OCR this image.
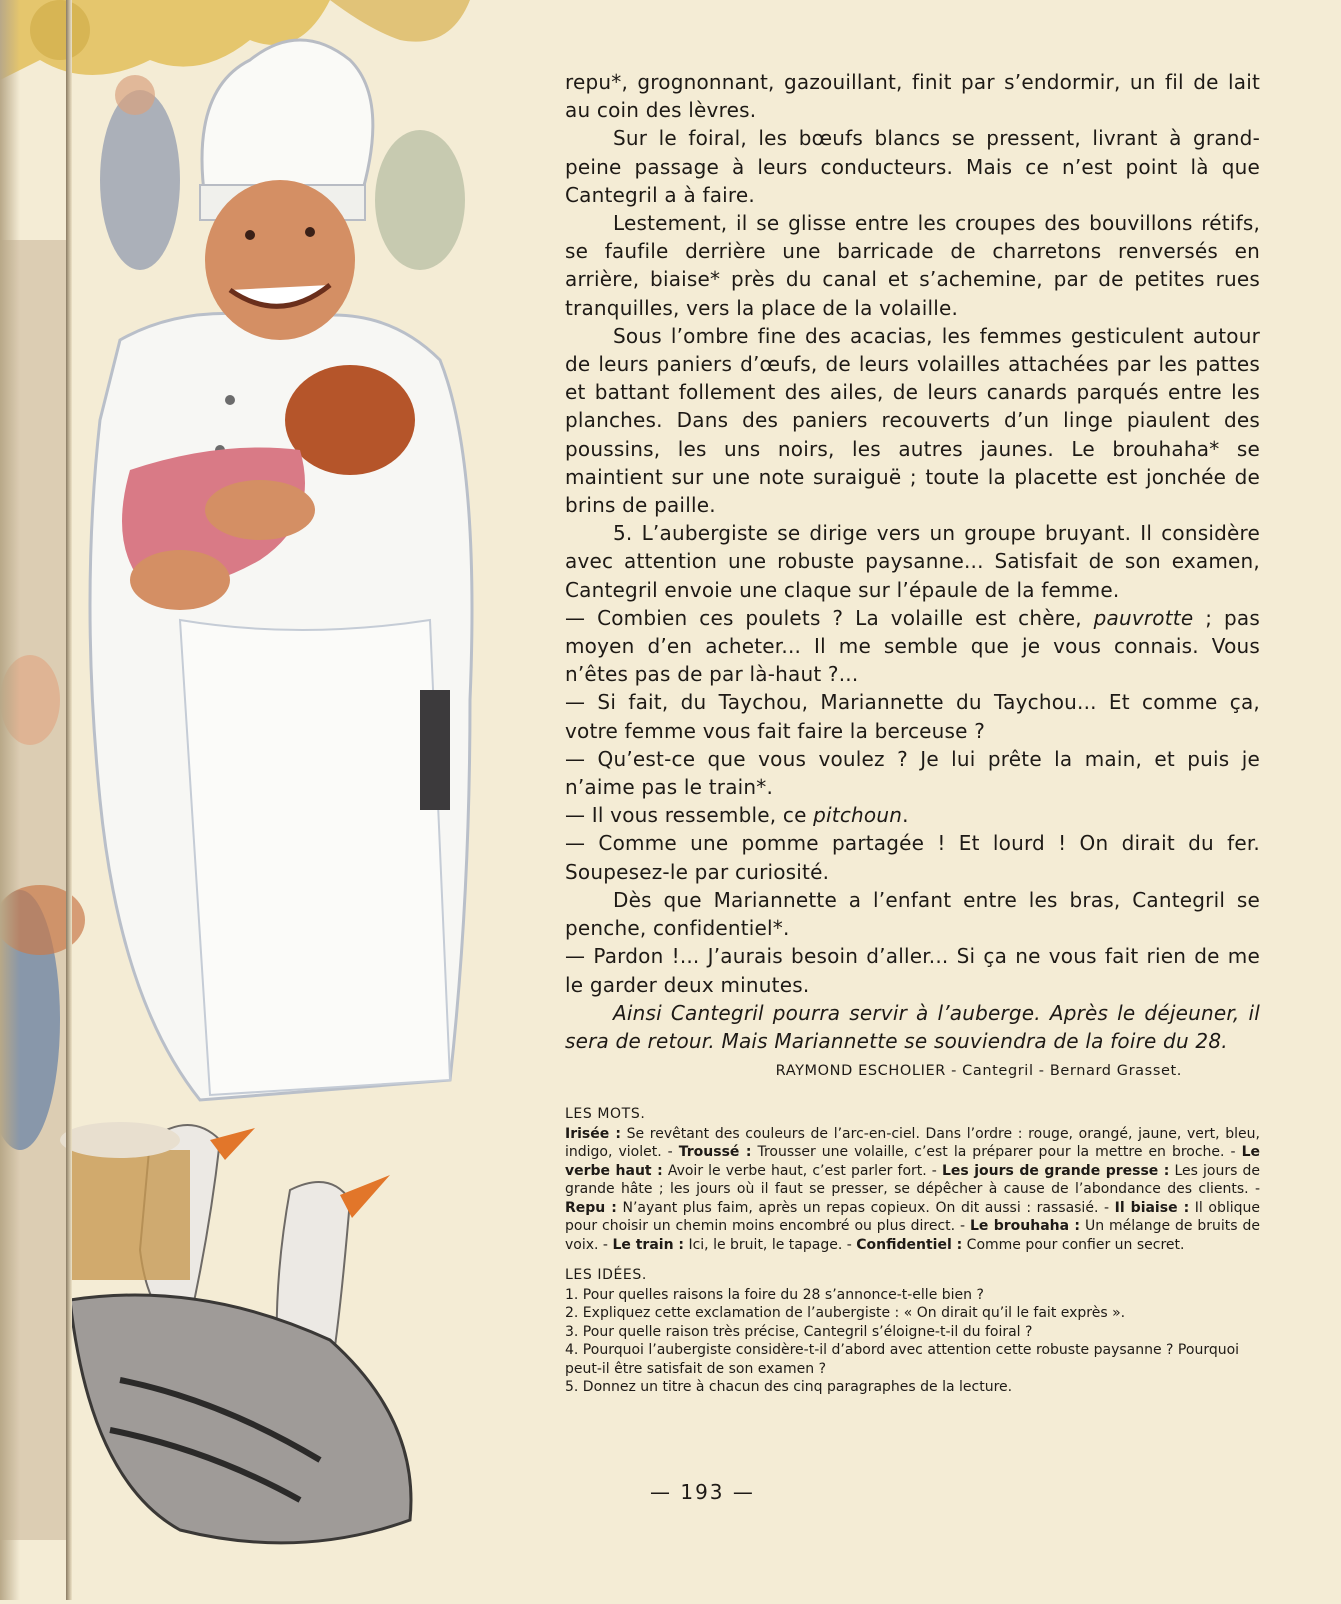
repu*, grognonnant, gazouillant, finit par s’endormir, un fil de lait au coin des lèvres.

Sur le foiral, les bœufs blancs se pressent, livrant à grand-peine passage à leurs conducteurs. Mais ce n’est point là que Cantegril a à faire.

Lestement, il se glisse entre les croupes des bouvillons rétifs, se faufile derrière une barricade de charretons renversés en arrière, biaise* près du canal et s’achemine, par de petites rues tranquilles, vers la place de la volaille.

Sous l’ombre fine des acacias, les femmes gesticulent autour de leurs paniers d’œufs, de leurs volailles attachées par les pattes et battant follement des ailes, de leurs canards parqués entre les planches. Dans des paniers recouverts d’un linge piaulent des poussins, les uns noirs, les autres jaunes. Le brouhaha* se maintient sur une note suraiguë ; toute la placette est jonchée de brins de paille.

5. L’aubergiste se dirige vers un groupe bruyant. Il considère avec attention une robuste paysanne... Satisfait de son examen, Cantegril envoie une claque sur l’épaule de la femme.

— Combien ces poulets ? La volaille est chère, pauvrotte ; pas moyen d’en acheter... Il me semble que je vous connais. Vous n’êtes pas de par là-haut ?...

— Si fait, du Taychou, Mariannette du Taychou... Et comme ça, votre femme vous fait faire la berceuse ?

— Qu’est-ce que vous voulez ? Je lui prête la main, et puis je n’aime pas le train*.

— Il vous ressemble, ce pitchoun.

— Comme une pomme partagée ! Et lourd ! On dirait du fer. Soupesez-le par curiosité.

Dès que Mariannette a l’enfant entre les bras, Cantegril se penche, confidentiel*.

— Pardon !... J’aurais besoin d’aller... Si ça ne vous fait rien de me le garder deux minutes.

Ainsi Cantegril pourra servir à l’auberge. Après le déjeuner, il sera de retour. Mais Mariannette se souviendra de la foire du 28.

RAYMOND ESCHOLIER - Cantegril - Bernard Grasset.

LES MOTS.

Irisée : Se revêtant des couleurs de l’arc-en-ciel. Dans l’ordre : rouge, orangé, jaune, vert, bleu, indigo, violet. - Troussé : Trousser une volaille, c’est la préparer pour la mettre en broche. - Le verbe haut : Avoir le verbe haut, c’est parler fort. - Les jours de grande presse : Les jours de grande hâte ; les jours où il faut se presser, se dépêcher à cause de l’abondance des clients. - Repu : N’ayant plus faim, après un repas copieux. On dit aussi : rassasié. - Il biaise : Il oblique pour choisir un chemin moins encombré ou plus direct. - Le brouhaha : Un mélange de bruits de voix. - Le train : Ici, le bruit, le tapage. - Confidentiel : Comme pour confier un secret.

LES IDÉES.

1. Pour quelles raisons la foire du 28 s’annonce-t-elle bien ?
2. Expliquez cette exclamation de l’aubergiste : « On dirait qu’il le fait exprès ».
3. Pour quelle raison très précise, Cantegril s’éloigne-t-il du foiral ?
4. Pourquoi l’aubergiste considère-t-il d’abord avec attention cette robuste paysanne ? Pourquoi peut-il être satisfait de son examen ?
5. Donnez un titre à chacun des cinq paragraphes de la lecture.
— 193 —
